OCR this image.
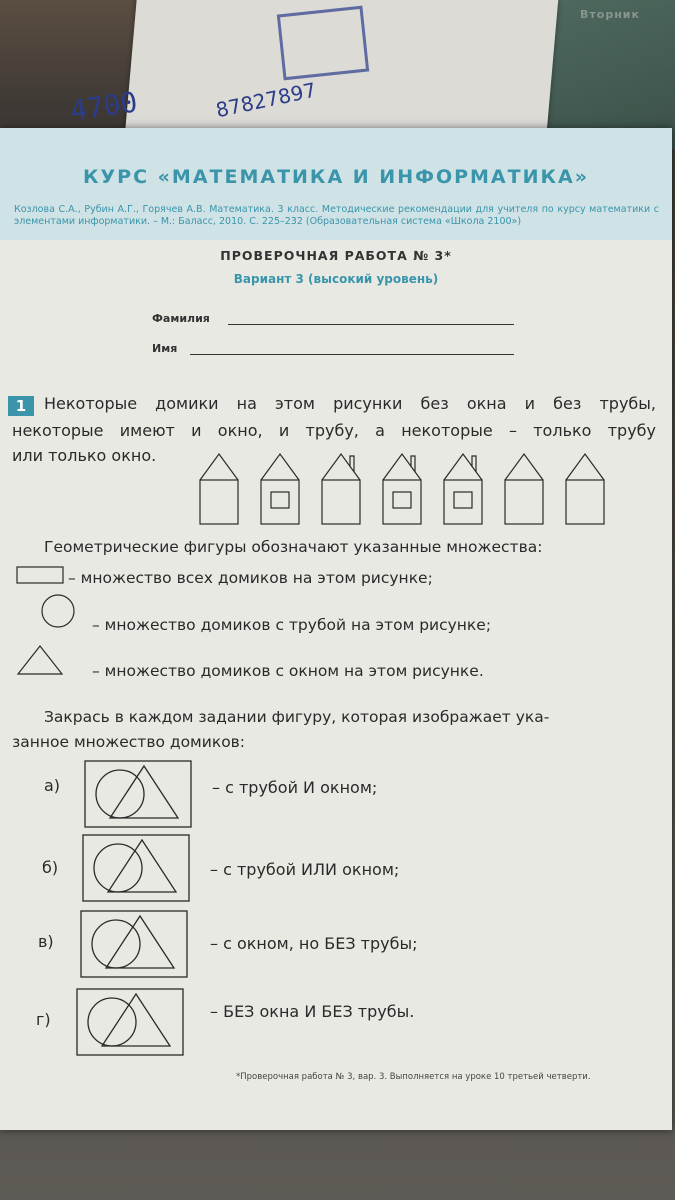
Вторник
4700	87827897
КУРС «МАТЕМАТИКА И ИНФОРМАТИКА»
Козлова С.А., Рубин А.Г., Горячев А.В. Математика. 3 класс. Методические рекомендации для учителя по курсу математики с элементами информатики. – М.: Баласс, 2010. С. 225–232 (Образовательная система «Школа 2100»)
ПРОВЕРОЧНАЯ РАБОТА № 3*
Вариант 3 (высокий уровень)
Фамилия
Имя
1	Некоторые домики на этом рисунки без окна и без трубы,
некоторые имеют и окно, и трубу, а некоторые – только трубу
или только окно.
Геометрические фигуры обозначают указанные множества:
– множество всех домиков на этом рисунке;
– множество домиков с трубой на этом рисунке;
– множество домиков с окном на этом рисунке.
Закрась в каждом задании фигуру, которая изображает ука-
занное множество домиков:
а)	– с трубой И окном;
б)	– с трубой ИЛИ окном;
в)	– с окном, но БЕЗ трубы;
г)	– БЕЗ окна И БЕЗ трубы.
*Проверочная работа № 3, вар. 3. Выполняется на уроке 10 третьей четверти.
